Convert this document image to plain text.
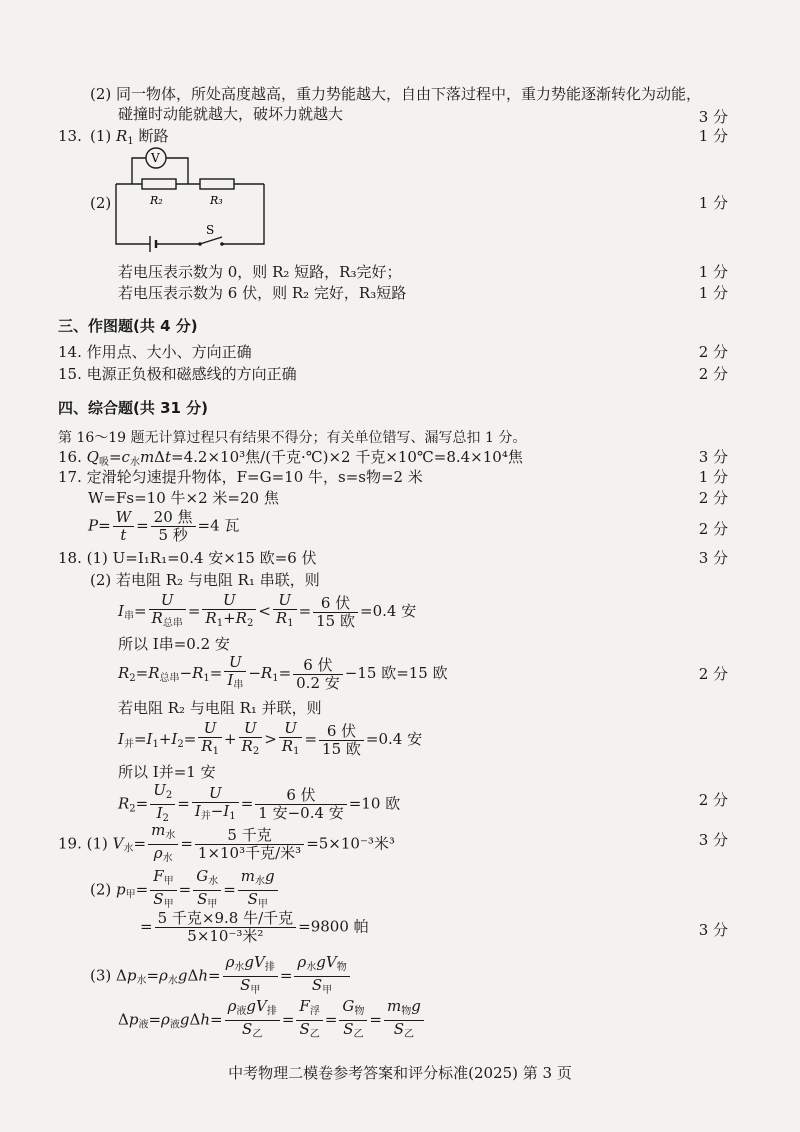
(2) 同一物体，所处高度越高，重力势能越大，自由下落过程中，重力势能逐渐转化为动能，
碰撞时动能就越大，破坏力就越大	3 分
13. (1) $R_1$ 断路	1 分
(2)	1 分
S
R₂	R₃
V
若电压表示数为 0，则 R₂ 短路，R₃完好；	1 分
若电压表示数为 6 伏，则 R₂ 完好，R₃短路	1 分
三、作图题(共 4 分)
14. 作用点、大小、方向正确	2 分
15. 电源正负极和磁感线的方向正确	2 分
四、综合题(共 31 分)
第 16～19 题无计算过程只有结果不得分；有关单位错写、漏写总扣 1 分。
16. $Q_吸=c_水m\Delta t=4.2\times 10^3$焦/(千克·℃)×2 千克×10℃=8.4×10⁴焦	3 分
17. 定滑轮匀速提升物体，F=G=10 牛，s=s物=2 米	1 分
W=Fs=10 牛×2 米=20 焦	2 分
$P= \frac{W}{t} = \frac{\text{20 焦}}{\text{5 秒}} =4$ 瓦	2 分
18. (1) U=I₁R₁=0.4 安×15 欧=6 伏	3 分
(2) 若电阻 R₂ 与电阻 R₁ 串联，则
$I_串= \frac{U}{R_{总串}} = \frac{U}{R_1+R_2} < \frac{U}{R_1} = \frac{\text{6 伏}}{\text{15 欧}} =0.4$ 安
所以 I串=0.2 安
$R_2=R_{总串}-R_1= \frac{U}{I_串} -R_1= \frac{\text{6 伏}}{\text{0.2 安}} -15$ 欧=15 欧	2 分
若电阻 R₂ 与电阻 R₁ 并联，则
$I_并=I_1+I_2= \frac{U}{R_1} + \frac{U}{R_2} > \frac{U}{R_1} = \frac{\text{6 伏}}{\text{15 欧}} =0.4$ 安
所以 I并=1 安
$R_2= \frac{U_2}{I_2} = \frac{U}{I_并-I_1} = \frac{\text{6 伏}}{\text{1 安−0.4 安}} =10$ 欧	2 分
19. (1) $V_水= \frac{m_水}{\rho_水} = \frac{\text{5 千克}}{\text{1×10³千克/米³}} =5\times 10^{-3}$米³	3 分
(2) $p_甲= \frac{F_甲}{S_甲} = \frac{G_水}{S_甲} = \frac{m_水g}{S_甲}$
= $\frac{\text{5 千克×9.8 牛/千克}}{\text{5×10⁻³米²}} =9800$ 帕	3 分
(3) $\Delta p_水=\rho_水g\Delta h= \frac{\rho_水gV_排}{S_甲} = \frac{\rho_水gV_物}{S_甲}$
$\Delta p_液=\rho_液g\Delta h= \frac{\rho_液gV_排}{S_乙} = \frac{F_浮}{S_乙} = \frac{G_物}{S_乙} = \frac{m_物g}{S_乙}$
中考物理二模卷参考答案和评分标准(2025) 第 3 页
